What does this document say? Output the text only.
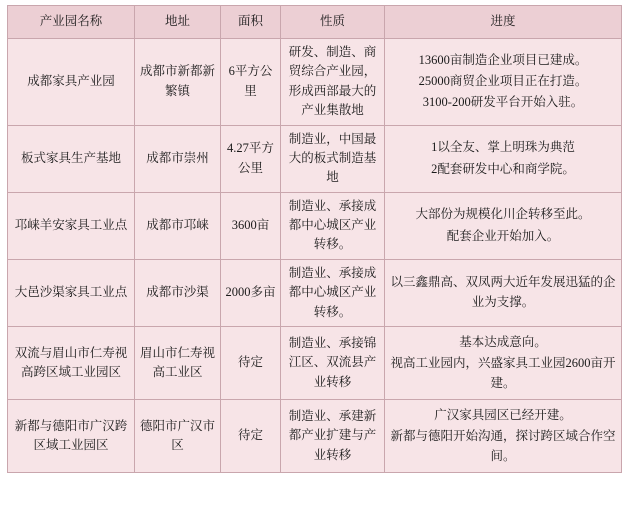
产业园名称	地址	面积	性质	进度
成都家具产业园	成都市新都新繁镇	6平方公里	研发、制造、商贸综合产业园，形成西部最大的产业集散地	13600亩制造企业项目已建成。
25000商贸企业项目正在打造。
3100-200研发平台开始入驻。

板式家具生产基地	成都市崇州	4.27平方公里	制造业，中国最大的板式制造基地	1以全友、掌上明珠为典范
2配套研发中心和商学院。

邛崃羊安家具工业点	成都市邛崃	3600亩	制造业、承接成都中心城区产业转移。	大部份为规模化川企转移至此。
配套企业开始加入。

大邑沙渠家具工业点	成都市沙渠	2000多亩	制造业、承接成都中心城区产业转移。	以三鑫鼎高、双凤两大近年发展迅猛的企业为支撑。

双流与眉山市仁寿视高跨区域工业园区	眉山市仁寿视高工业区	待定	制造业、承接锦江区、双流县产业转移	基本达成意向。
视高工业园内，兴盛家具工业园2600亩开建。

新都与德阳市广汉跨区域工业园区	德阳市广汉市区	待定	制造业、承建新都产业扩建与产业转移	广汉家具园区已经开建。
新都与德阳开始沟通，探讨跨区域合作空间。
